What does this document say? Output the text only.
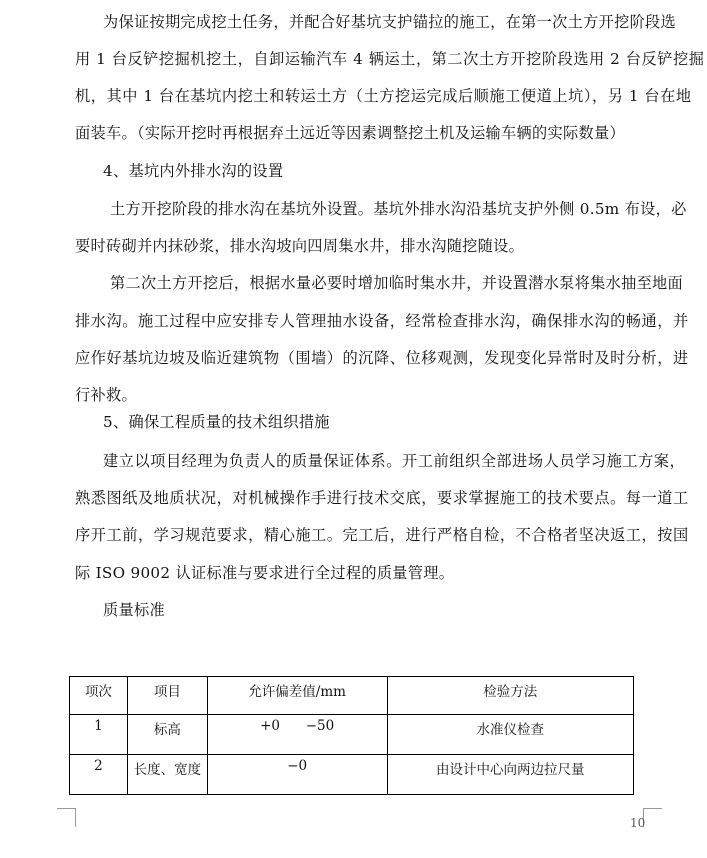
为保证按期完成挖土任务，并配合好基坑支护锚拉的施工，在第一次土方开挖阶段选
用 1 台反铲挖掘机挖土，自卸运输汽车 4 辆运土，第二次土方开挖阶段选用 2 台反铲挖掘
机，其中 1 台在基坑内挖土和转运土方（土方挖运完成后顺施工便道上坑），另 1 台在地
面装车。（实际开挖时再根据弃土远近等因素调整挖土机及运输车辆的实际数量）
4、基坑内外排水沟的设置
土方开挖阶段的排水沟在基坑外设置。基坑外排水沟沿基坑支护外侧 0.5m 布设，必
要时砖砌并内抹砂浆，排水沟坡向四周集水井，排水沟随挖随设。
第二次土方开挖后，根据水量必要时增加临时集水井，并设置潜水泵将集水抽至地面
排水沟。施工过程中应安排专人管理抽水设备，经常检查排水沟，确保排水沟的畅通，并
应作好基坑边坡及临近建筑物（围墙）的沉降、位移观测，发现变化异常时及时分析，进
行补救。
5、确保工程质量的技术组织措施
建立以项目经理为负责人的质量保证体系。开工前组织全部进场人员学习施工方案，
熟悉图纸及地质状况，对机械操作手进行技术交底，要求掌握施工的技术要点。每一道工
序开工前，学习规范要求，精心施工。完工后，进行严格自检，不合格者坚决返工，按国
际 ISO 9002 认证标准与要求进行全过程的质量管理。
质量标准
项次	项目	允许偏差值/mm	检验方法
1	标高	+0      −50	水准仪检查
2	长度、宽度	−0	由设计中心向两边拉尺量
10
